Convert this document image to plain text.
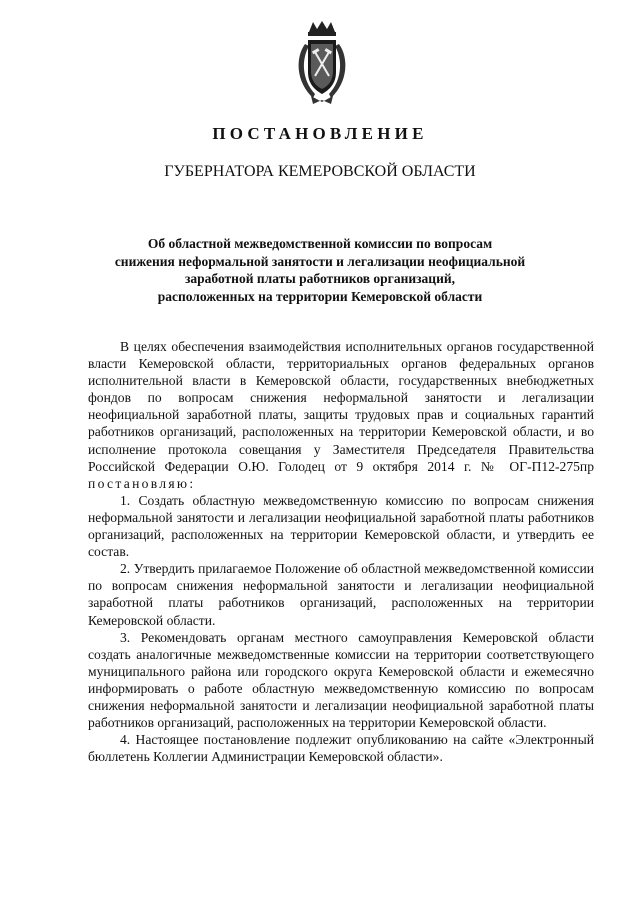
ПОСТАНОВЛЕНИЕ
ГУБЕРНАТОРА КЕМЕРОВСКОЙ ОБЛАСТИ
Об областной межведомственной комиссии по вопросам
снижения неформальной занятости и легализации неофициальной
заработной платы работников организаций,
расположенных на территории Кемеровской области

В целях обеспечения взаимодействия исполнительных органов государственной власти Кемеровской области, территориальных органов федеральных органов исполнительной власти в Кемеровской области, государственных внебюджетных фондов по вопросам снижения неформальной занятости и легализации неофициальной заработной платы, защиты трудовых прав и социальных гарантий работников организаций, расположенных на территории Кемеровской области, и во исполнение протокола совещания у Заместителя Председателя Правительства Российской Федерации О.Ю. Голодец от 9 октября 2014 г. № ОГ-П12-275пр

постановляю:

1. Создать областную межведомственную комиссию по вопросам снижения неформальной занятости и легализации неофициальной заработной платы работников организаций, расположенных на территории Кемеровской области, и утвердить ее состав.

2. Утвердить прилагаемое Положение об областной межведомственной комиссии по вопросам снижения неформальной занятости и легализации неофициальной заработной платы работников организаций, расположенных на территории Кемеровской области.

3. Рекомендовать органам местного самоуправления Кемеровской области создать аналогичные межведомственные комиссии на территории соответствующего муниципального района или городского округа Кемеровской области и ежемесячно информировать о работе областную межведомственную комиссию по вопросам снижения неформальной занятости и легализации неофициальной заработной платы работников организаций, расположенных на территории Кемеровской области.

4. Настоящее постановление подлежит опубликованию на сайте «Электронный бюллетень Коллегии Администрации Кемеровской области».
